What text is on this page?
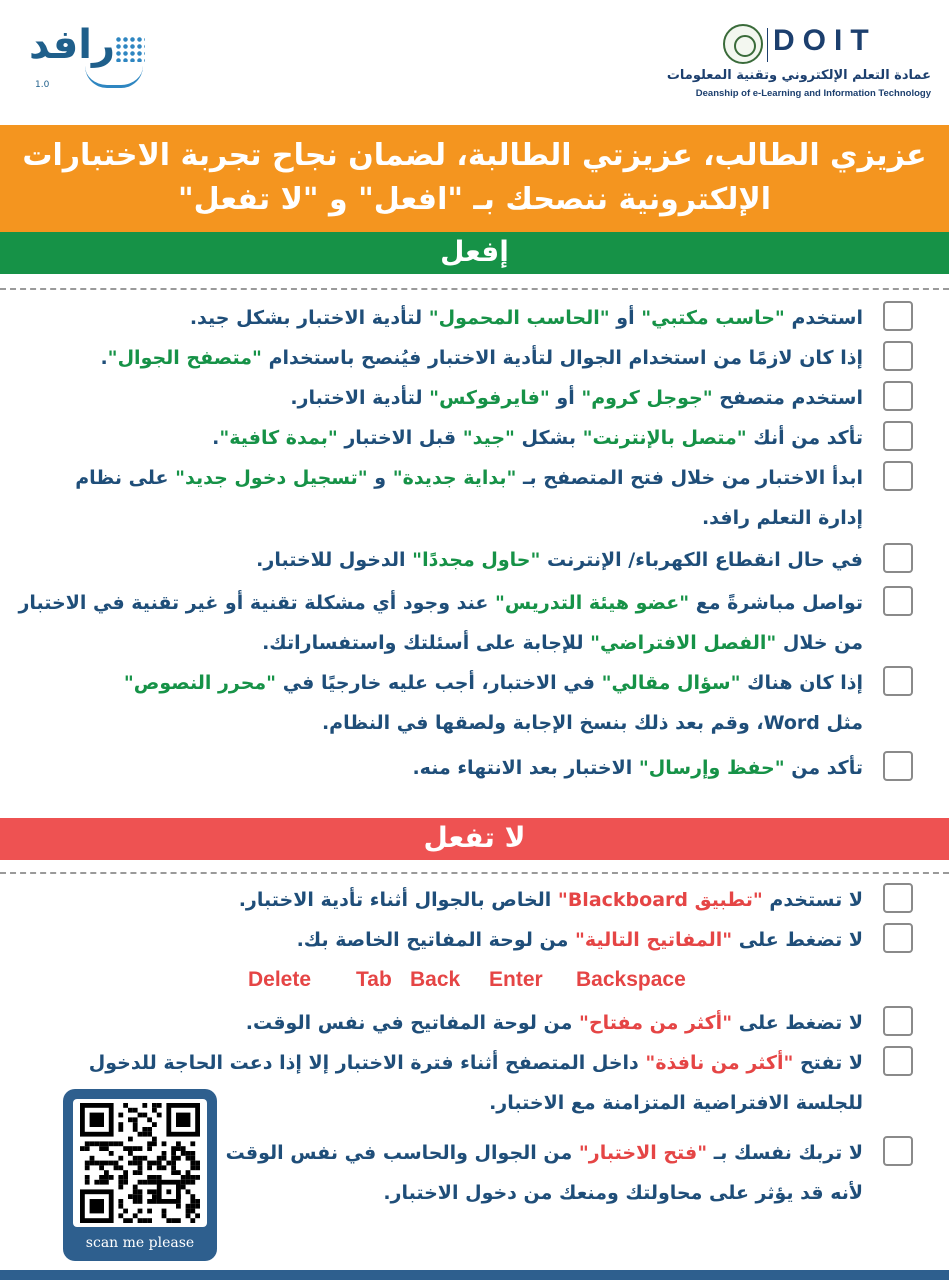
رافد
1.0
DOIT
عمادة التعلم الإلكتروني وتقنية المعلومات
Deanship of e-Learning and Information Technology
عزيزي الطالب، عزيزتي الطالبة، لضمان نجاح تجربة الاختبارات
الإلكترونية ننصحك بـ "افعل" و "لا تفعل"
إفعل
استخدم "حاسب مكتبي" أو "الحاسب المحمول" لتأدية الاختبار بشكل جيد.
إذا كان لازمًا من استخدام الجوال لتأدية الاختبار فيُنصح باستخدام "متصفح الجوال".
استخدم متصفح "جوجل كروم" أو "فايرفوكس" لتأدية الاختبار.
تأكد من أنك "متصل بالإنترنت" بشكل "جيد" قبل الاختبار "بمدة كافية".
ابدأ الاختبار من خلال فتح المتصفح بـ "بداية جديدة" و "تسجيل دخول جديد" على نظام
إدارة التعلم رافد.
في حال انقطاع الكهرباء/ الإنترنت "حاول مجددًا" الدخول للاختبار.
تواصل مباشرةً مع "عضو هيئة التدريس" عند وجود أي مشكلة تقنية أو غير تقنية في الاختبار
من خلال "الفصل الافتراضي" للإجابة على أسئلتك واستفساراتك.
إذا كان هناك "سؤال مقالي" في الاختبار، أجب عليه خارجيًا في "محرر النصوص"
مثل Word، وقم بعد ذلك بنسخ الإجابة ولصقها في النظام.
تأكد من "حفظ وإرسال" الاختبار بعد الانتهاء منه.
لا تفعل
لا تستخدم "تطبيق Blackboard" الخاص بالجوال أثناء تأدية الاختبار.
لا تضغط على "المفاتيح التالية" من لوحة المفاتيح الخاصة بك.
لا تضغط على "أكثر من مفتاح" من لوحة المفاتيح في نفس الوقت.
لا تفتح "أكثر من نافذة" داخل المتصفح أثناء فترة الاختبار إلا إذا دعت الحاجة للدخول
للجلسة الافتراضية المتزامنة مع الاختبار.
لا تربك نفسك بـ "فتح الاختبار" من الجوال والحاسب في نفس الوقت
لأنه قد يؤثر على محاولتك ومنعك من دخول الاختبار.
Delete Tab Back Enter Backspace
scan me please
